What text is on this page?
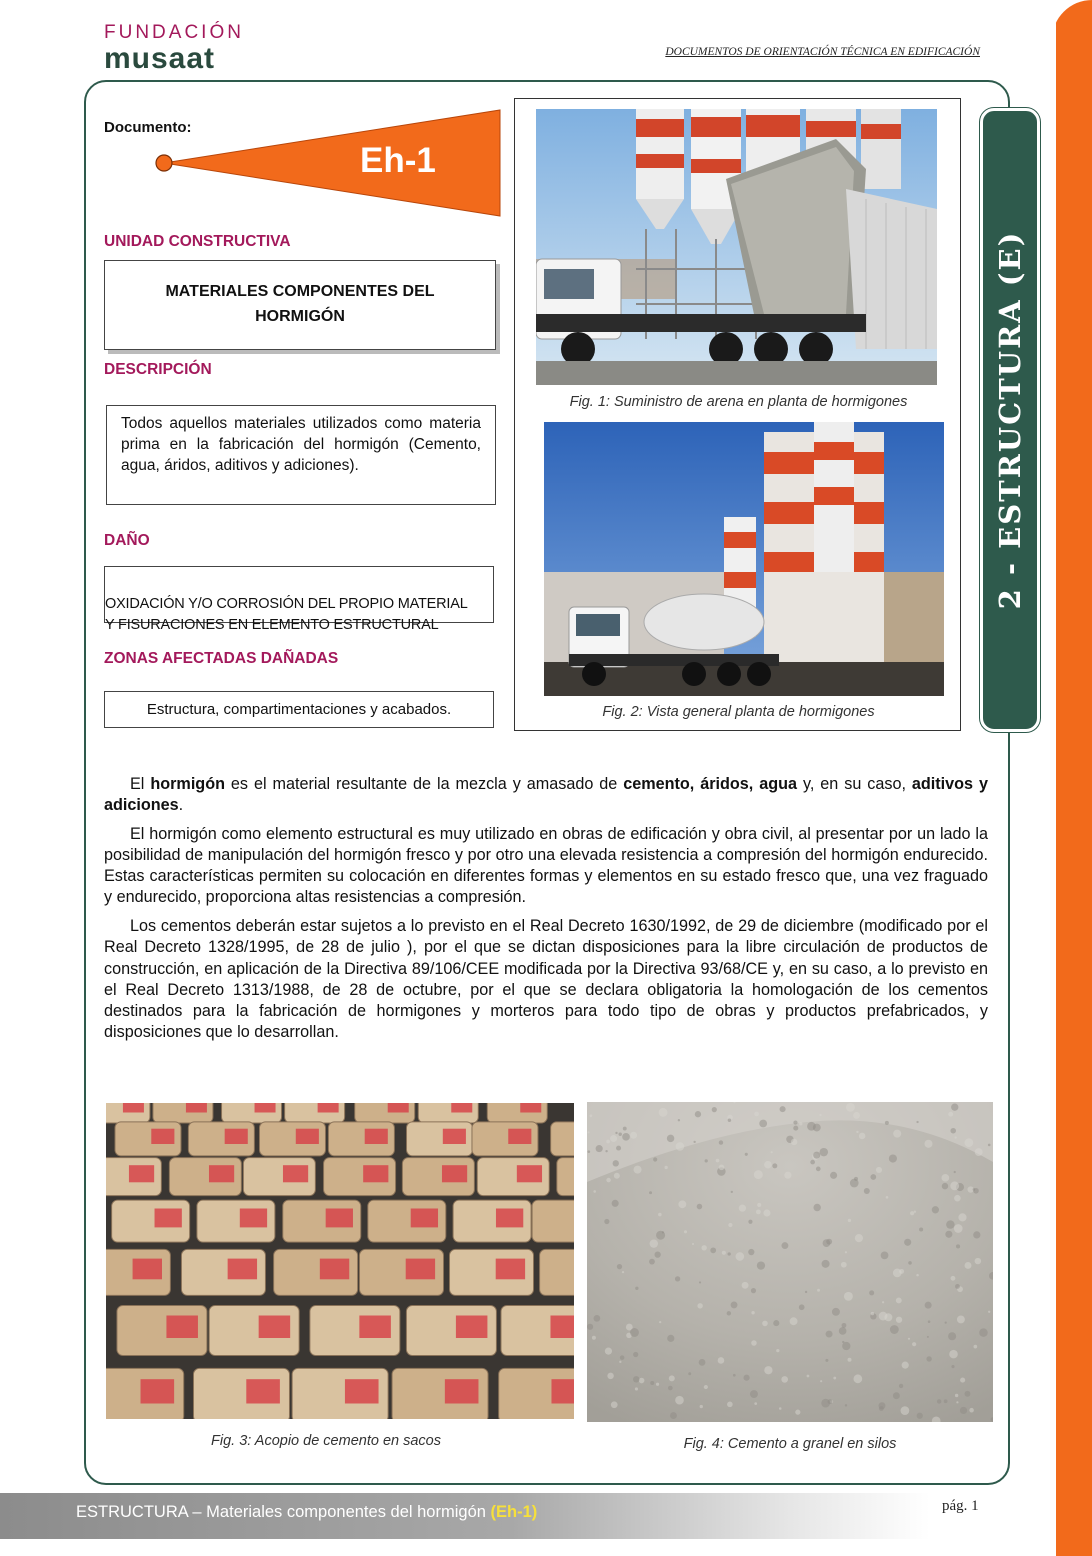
FUNDACIÓN
musaat	DOCUMENTOS DE ORIENTACIÓN TÉCNICA EN EDIFICACIÓN
2 - ESTRUCTURA (E)
Documento:
Eh-1
UNIDAD CONSTRUCTIVA
MATERIALES COMPONENTES DEL HORMIGÓN
DESCRIPCIÓN
Todos aquellos materiales utilizados como materia prima en la fabricación del hormigón (Cemento, agua, áridos, aditivos y adiciones).
DAÑO

OXIDACIÓN Y/O CORROSIÓN DEL PROPIO MATERIAL
Y FISURACIONES EN ELEMENTO ESTRUCTURAL

ZONAS AFECTADAS DAÑADAS
Estructura, compartimentaciones y acabados.
Fig. 1: Suministro de arena en planta de hormigones
Fig. 2: Vista general planta de hormigones

El hormigón es el material resultante de la mezcla y amasado de cemento, áridos, agua y, en su caso, aditivos y adiciones.

El hormigón como elemento estructural es muy utilizado en obras de edificación y obra civil, al presentar por un lado la posibilidad de manipulación del hormigón fresco y por otro una elevada resistencia a compresión del hormigón endurecido. Estas características permiten su colocación en diferentes formas y elementos en su estado fresco que, una vez fraguado y endurecido, proporciona altas resistencias a compresión.

Los cementos deberán estar sujetos a lo previsto en el Real Decreto 1630/1992, de 29 de diciembre (modificado por el Real Decreto 1328/1995, de 28 de julio ), por el que se dictan disposiciones para la libre circulación de productos de construcción, en aplicación de la Directiva 89/106/CEE modificada por la Directiva 93/68/CE y, en su caso, a lo previsto en el Real Decreto 1313/1988, de 28 de octubre, por el que se declara obligatoria la homologación de los cementos destinados para la fabricación de hormigones y morteros para todo tipo de obras y productos prefabricados, y disposiciones que lo desarrollan.

Fig. 3: Acopio de cemento en sacos	Fig. 4: Cemento a granel en silos
ESTRUCTURA – Materiales componentes del hormigón (Eh-1)	pág. 1
